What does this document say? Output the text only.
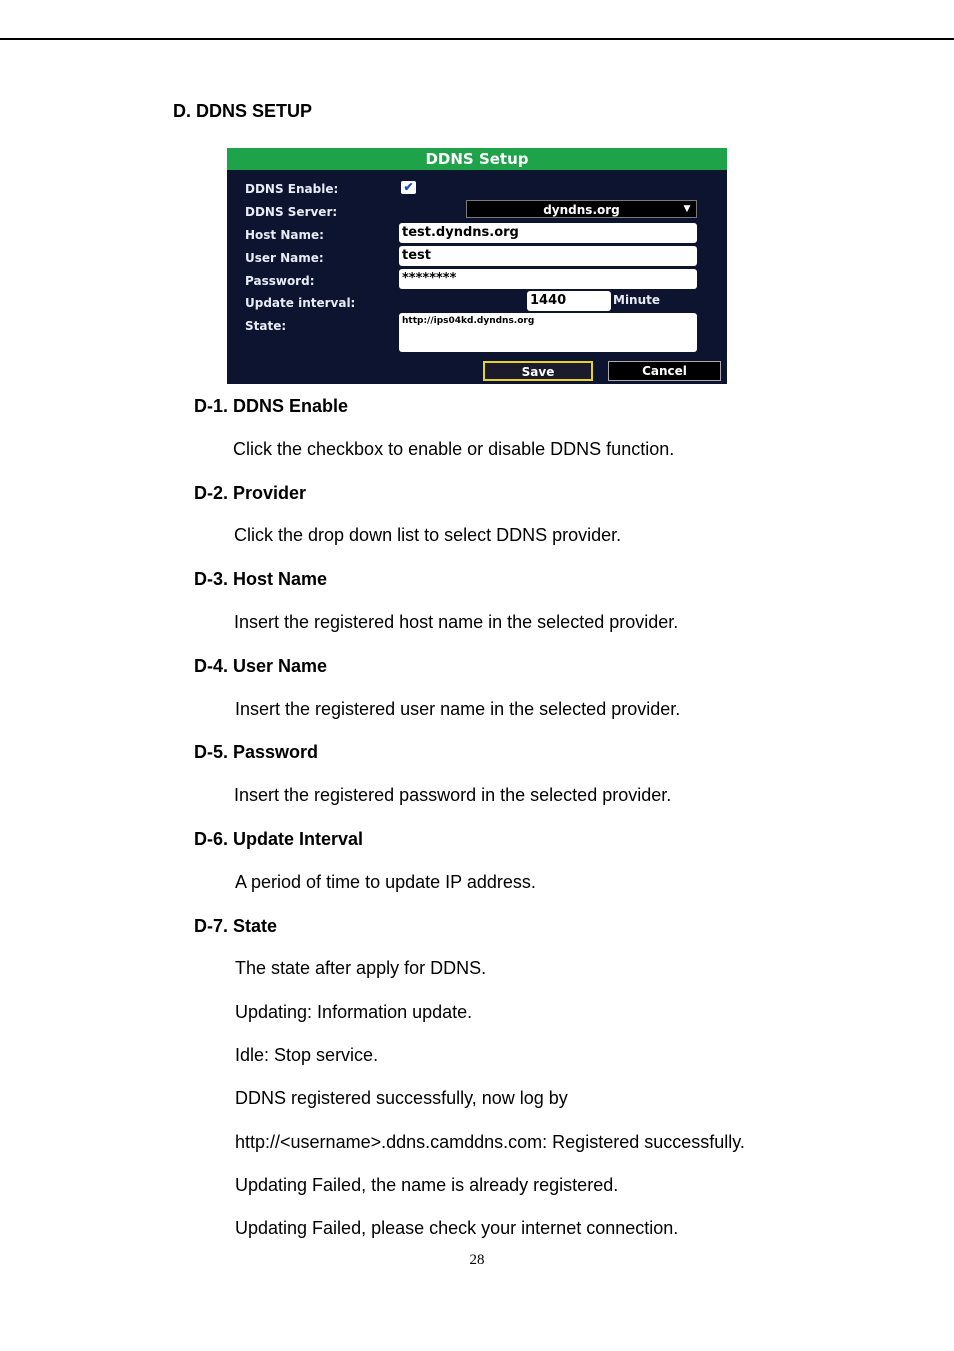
D. DDNS SETUP
DDNS Setup
DDNS Enable:	✔
DDNS Server:	dyndns.org	▼
Host Name:	test.dyndns.org
User Name:	test
Password:	********
Update interval:	1440	Minute
State:	http://ips04kd.dyndns.org
Save	Cancel
D-1. DDNS Enable
Click the checkbox to enable or disable DDNS function.
D-2. Provider
Click the drop down list to select DDNS provider.
D-3. Host Name
Insert the registered host name in the selected provider.
D-4. User Name
Insert the registered user name in the selected provider.
D-5. Password
Insert the registered password in the selected provider.
D-6. Update Interval
A period of time to update IP address.
D-7. State
The state after apply for DDNS.
Updating: Information update.
Idle: Stop service.
DDNS registered successfully, now log by
http://<username>.ddns.camddns.com: Registered successfully.
Updating Failed, the name is already registered.
Updating Failed, please check your internet connection.
28
